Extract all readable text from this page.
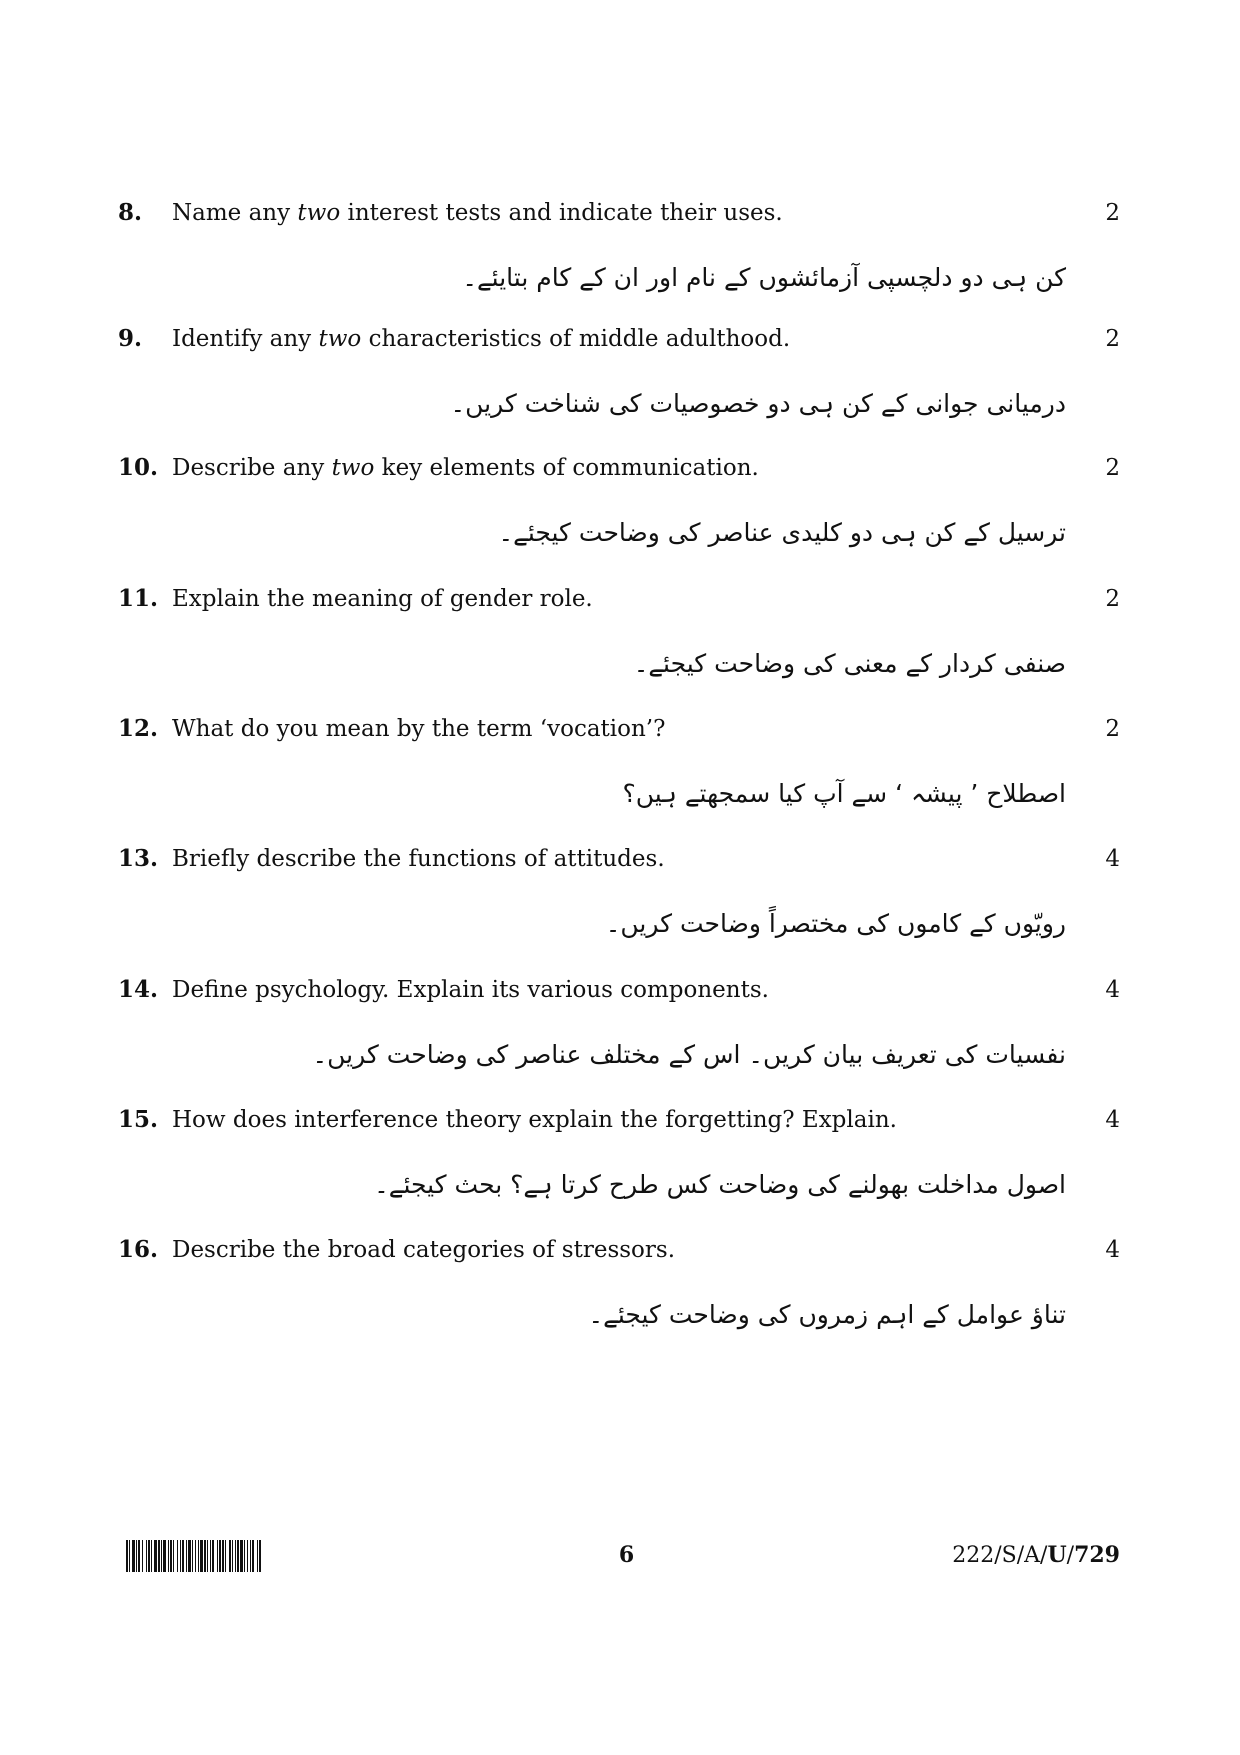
8. Name any two interest tests and indicate their uses.	2
کن ہی دو دلچسپی آزمائشوں کے نام اور ان کے کام بتایئے۔
9. Identify any two characteristics of middle adulthood.	2
درمیانی جوانی کے کن ہی دو خصوصیات کی شناخت کریں۔
10. Describe any two key elements of communication.	2
ترسیل کے کن ہی دو کلیدی عناصر کی وضاحت کیجئے۔
11. Explain the meaning of gender role.	2
صنفی کردار کے معنی کی وضاحت کیجئے۔
12. What do you mean by the term ‘vocation’?	2
اصطلاح ’ پیشہ ‘ سے آپ کیا سمجھتے ہیں؟
13. Briefly describe the functions of attitudes.	4
رویّوں کے کاموں کی مختصراً وضاحت کریں۔
14. Define psychology. Explain its various components.	4
نفسیات کی تعریف بیان کریں۔ اس کے مختلف عناصر کی وضاحت کریں۔
15. How does interference theory explain the forgetting? Explain.	4
اصول مداخلت بھولنے کی وضاحت کس طرح کرتا ہے؟ بحث کیجئے۔
16. Describe the broad categories of stressors.	4
تناؤ عوامل کے اہم زمروں کی وضاحت کیجئے۔
6	222/S/A/U/729
